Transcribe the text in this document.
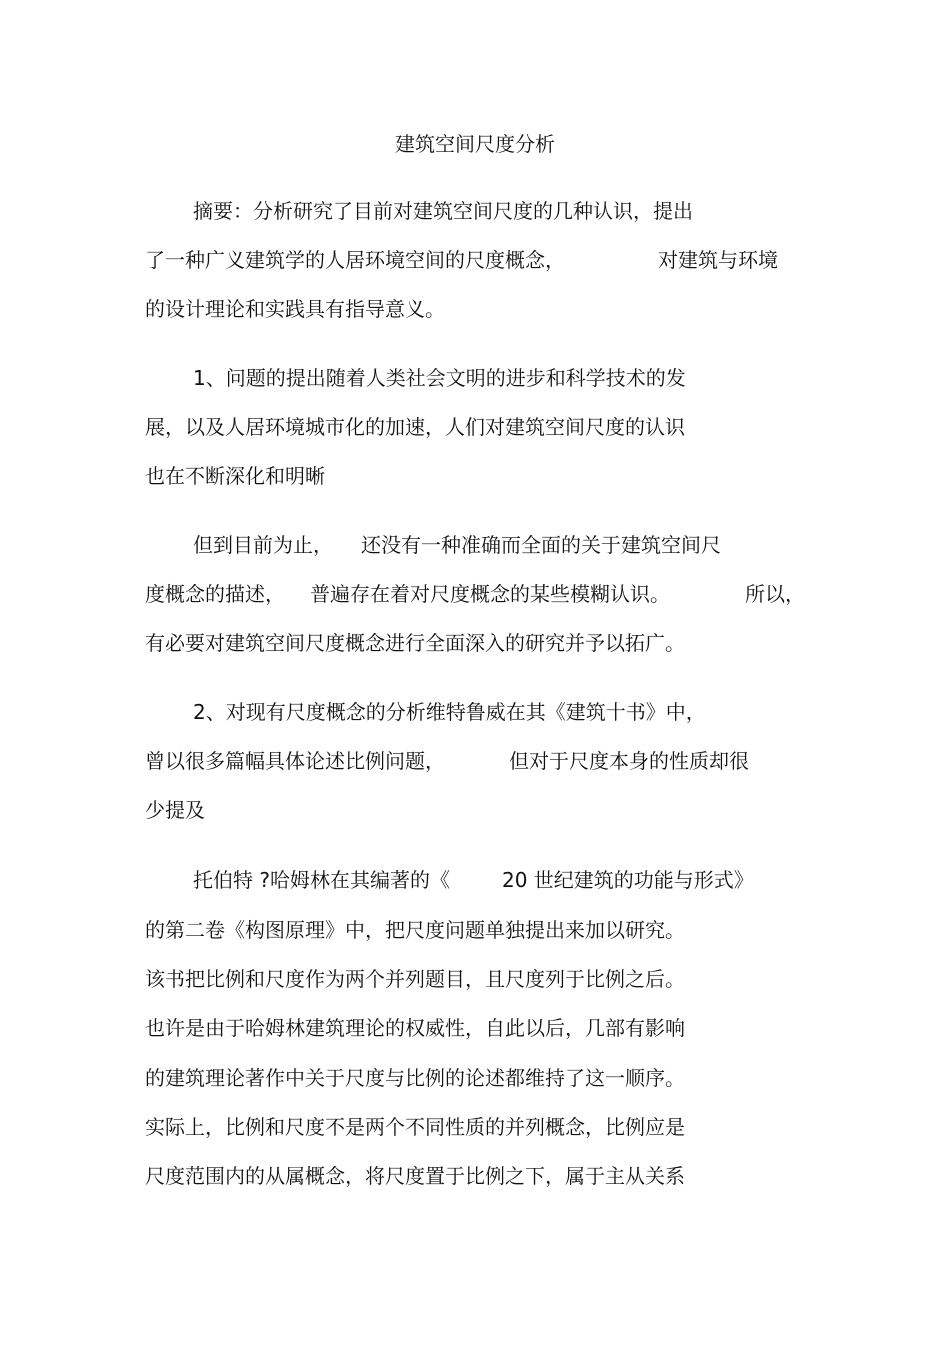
建筑空间尺度分析
摘要：分析研究了目前对建筑空间尺度的几种认识，提出
了一种广义建筑学的人居环境空间的尺度概念，	对建筑与环境
的设计理论和实践具有指导意义。
1、问题的提出随着人类社会文明的进步和科学技术的发
展，以及人居环境城市化的加速，人们对建筑空间尺度的认识
也在不断深化和明晰
但到目前为止， 还没有一种准确而全面的关于建筑空间尺
度概念的描述， 普遍存在着对尺度概念的某些模糊认识。	所以，
有必要对建筑空间尺度概念进行全面深入的研究并予以拓广。
2、对现有尺度概念的分析维特鲁威在其《建筑十书》中，
曾以很多篇幅具体论述比例问题，	但对于尺度本身的性质却很
少提及
托伯特 ?哈姆林在其编著的《	20 世纪建筑的功能与形式》
的第二卷《构图原理》中，把尺度问题单独提出来加以研究。
该书把比例和尺度作为两个并列题目，且尺度列于比例之后。
也许是由于哈姆林建筑理论的权威性，自此以后，几部有影响
的建筑理论著作中关于尺度与比例的论述都维持了这一顺序。
实际上，比例和尺度不是两个不同性质的并列概念，比例应是
尺度范围内的从属概念，将尺度置于比例之下，属于主从关系
